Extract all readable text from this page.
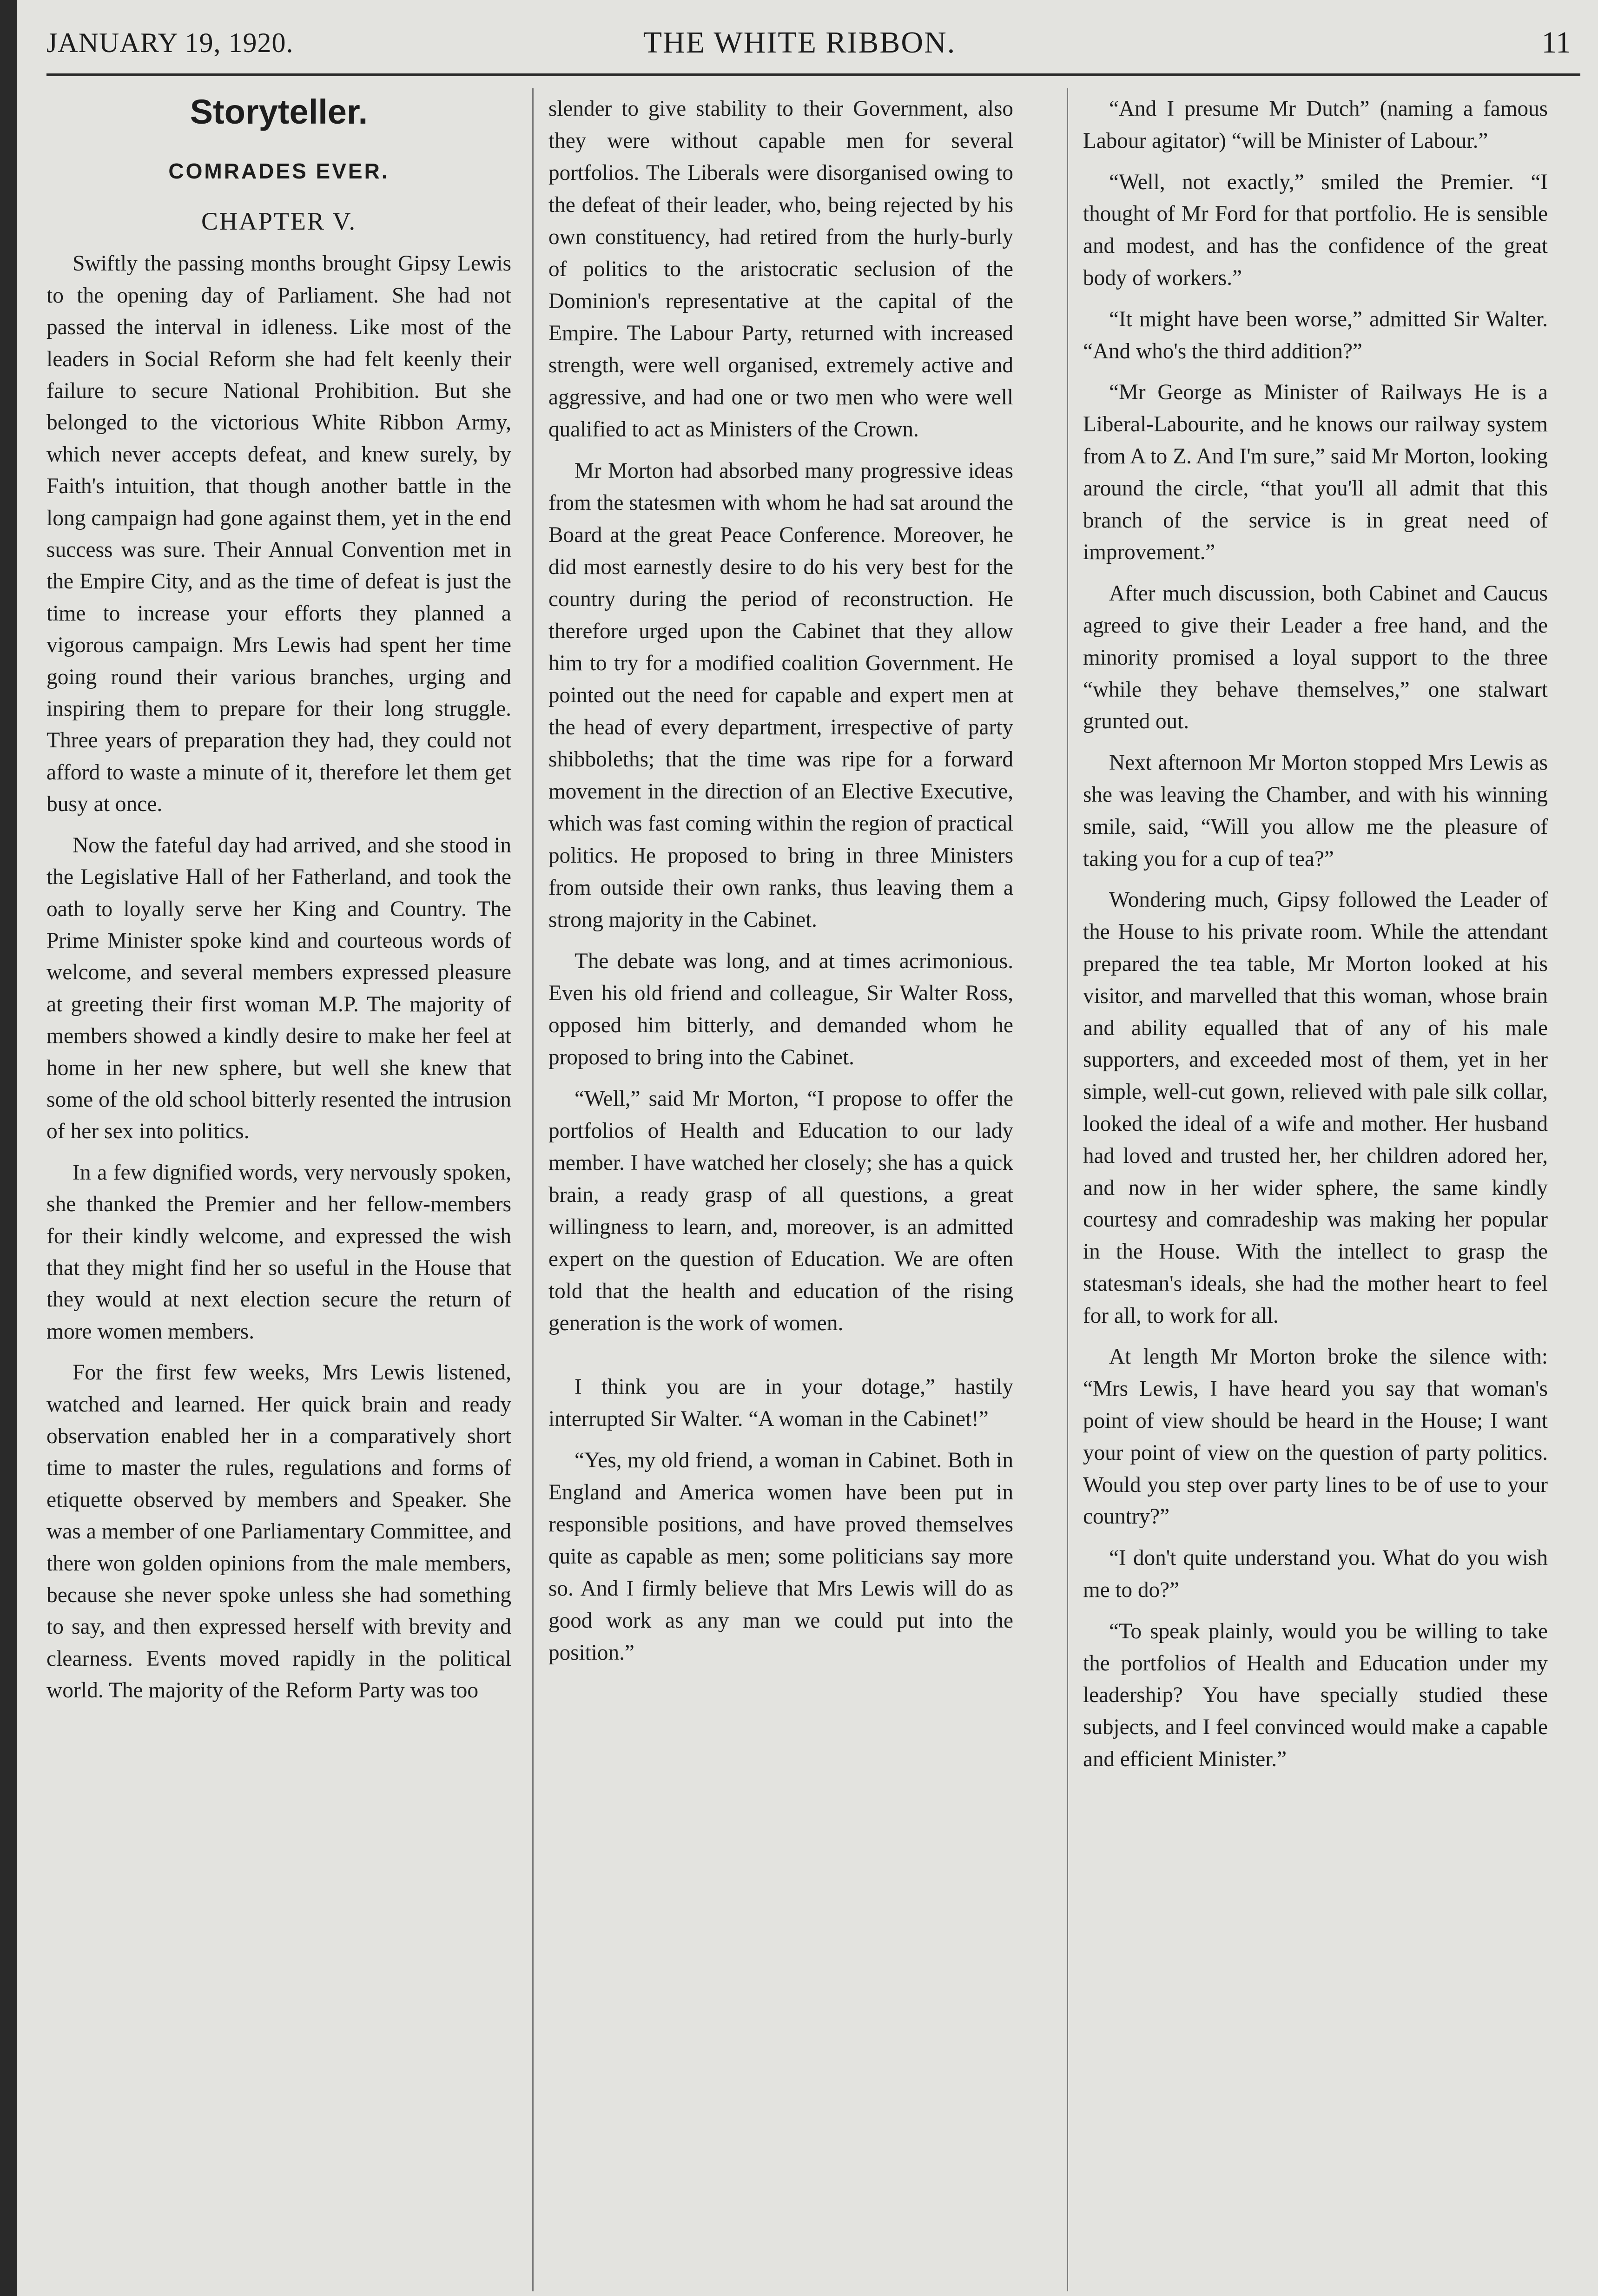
JANUARY 19, 1920.	THE WHITE RIBBON.	11
Storyteller.
COMRADES EVER.
CHAPTER V.

Swiftly the passing months brought Gipsy Lewis to the opening day of Parliament. She had not passed the interval in idleness. Like most of the leaders in Social Reform she had felt keenly their failure to secure National Prohibition. But she belonged to the victorious White Ribbon Army, which never accepts defeat, and knew surely, by Faith's intuition, that though another battle in the long campaign had gone against them, yet in the end success was sure. Their Annual Convention met in the Empire City, and as the time of defeat is just the time to increase your efforts they planned a vigorous campaign. Mrs Lewis had spent her time going round their various branches, urging and inspiring them to prepare for their long struggle. Three years of preparation they had, they could not afford to waste a minute of it, therefore let them get busy at once.

Now the fateful day had arrived, and she stood in the Legislative Hall of her Fatherland, and took the oath to loyally serve her King and Country. The Prime Minister spoke kind and courteous words of welcome, and several members expressed pleasure at greeting their first woman M.P. The majority of members showed a kindly desire to make her feel at home in her new sphere, but well she knew that some of the old school bitterly resented the intrusion of her sex into politics.

In a few dignified words, very nervously spoken, she thanked the Premier and her fellow-members for their kindly welcome, and expressed the wish that they might find her so useful in the House that they would at next election secure the return of more women members.

For the first few weeks, Mrs Lewis listened, watched and learned. Her quick brain and ready observation enabled her in a comparatively short time to master the rules, regulations and forms of etiquette observed by members and Speaker. She was a member of one Parliamentary Committee, and there won golden opinions from the male members, because she never spoke unless she had something to say, and then expressed herself with brevity and clearness. Events moved rapidly in the political world. The majority of the Reform Party was too

slender to give stability to their Government, also they were without capable men for several portfolios. The Liberals were disorganised owing to the defeat of their leader, who, being rejected by his own constituency, had retired from the hurly-burly of politics to the aristocratic seclusion of the Dominion's representative at the capital of the Empire. The Labour Party, returned with increased strength, were well organised, extremely active and aggressive, and had one or two men who were well qualified to act as Ministers of the Crown.

Mr Morton had absorbed many progressive ideas from the statesmen with whom he had sat around the Board at the great Peace Conference. Moreover, he did most earnestly desire to do his very best for the country during the period of reconstruction. He therefore urged upon the Cabinet that they allow him to try for a modified coalition Government. He pointed out the need for capable and expert men at the head of every department, irrespective of party shibboleths; that the time was ripe for a forward movement in the direction of an Elective Executive, which was fast coming within the region of practical politics. He proposed to bring in three Ministers from outside their own ranks, thus leaving them a strong majority in the Cabinet.

The debate was long, and at times acrimonious. Even his old friend and colleague, Sir Walter Ross, opposed him bitterly, and demanded whom he proposed to bring into the Cabinet.

“Well,” said Mr Morton, “I propose to offer the portfolios of Health and Education to our lady member. I have watched her closely; she has a quick brain, a ready grasp of all questions, a great willingness to learn, and, moreover, is an admitted expert on the question of Education. We are often told that the health and education of the rising generation is the work of women.

I think you are in your dotage,” hastily interrupted Sir Walter. “A woman in the Cabinet!”

“Yes, my old friend, a woman in Cabinet. Both in England and America women have been put in responsible positions, and have proved themselves quite as capable as men; some politicians say more so. And I firmly believe that Mrs Lewis will do as good work as any man we could put into the position.”

“And I presume Mr Dutch” (naming a famous Labour agitator) “will be Minister of Labour.”

“Well, not exactly,” smiled the Premier. “I thought of Mr Ford for that portfolio. He is sensible and modest, and has the confidence of the great body of workers.”

“It might have been worse,” admitted Sir Walter. “And who's the third addition?”

“Mr George as Minister of Railways He is a Liberal-Labourite, and he knows our railway system from A to Z. And I'm sure,” said Mr Morton, looking around the circle, “that you'll all admit that this branch of the service is in great need of improvement.”

After much discussion, both Cabinet and Caucus agreed to give their Leader a free hand, and the minority promised a loyal support to the three “while they behave themselves,” one stalwart grunted out.

Next afternoon Mr Morton stopped Mrs Lewis as she was leaving the Chamber, and with his winning smile, said, “Will you allow me the pleasure of taking you for a cup of tea?”

Wondering much, Gipsy followed the Leader of the House to his private room. While the attendant prepared the tea table, Mr Morton looked at his visitor, and marvelled that this woman, whose brain and ability equalled that of any of his male supporters, and exceeded most of them, yet in her simple, well-cut gown, relieved with pale silk collar, looked the ideal of a wife and mother. Her husband had loved and trusted her, her children adored her, and now in her wider sphere, the same kindly courtesy and comradeship was making her popular in the House. With the intellect to grasp the statesman's ideals, she had the mother heart to feel for all, to work for all.

At length Mr Morton broke the silence with: “Mrs Lewis, I have heard you say that woman's point of view should be heard in the House; I want your point of view on the question of party politics. Would you step over party lines to be of use to your country?”

“I don't quite understand you. What do you wish me to do?”

“To speak plainly, would you be willing to take the portfolios of Health and Education under my leadership? You have specially studied these subjects, and I feel convinced would make a capable and efficient Minister.”
